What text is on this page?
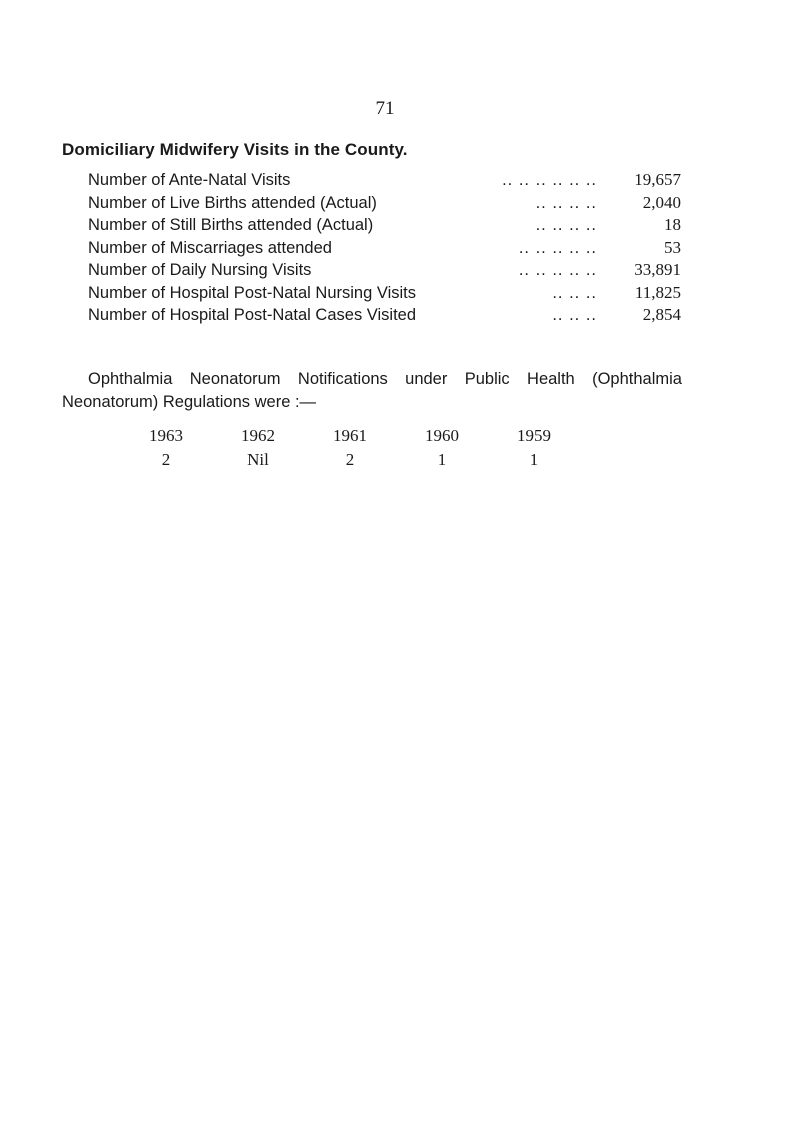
71
Domiciliary Midwifery Visits in the County.
Number of Ante-Natal Visits	.. .. .. .. .. .. 19,657
Number of Live Births attended (Actual)	.. .. .. ..	2,040
Number of Still Births attended (Actual)	.. .. .. ..	18
Number of Miscarriages attended	.. .. .. .. ..	53
Number of Daily Nursing Visits	.. .. .. .. .. 33,891
Number of Hospital Post-Natal Nursing Visits	.. .. .. 11,825
Number of Hospital Post-Natal Cases Visited	.. .. ..	2,854
Ophthalmia Neonatorum Notifications under Public Health (Ophthalmia
Neonatorum) Regulations were :—
1963	1962	1961	1960	1959
2	Nil	2	1	1
